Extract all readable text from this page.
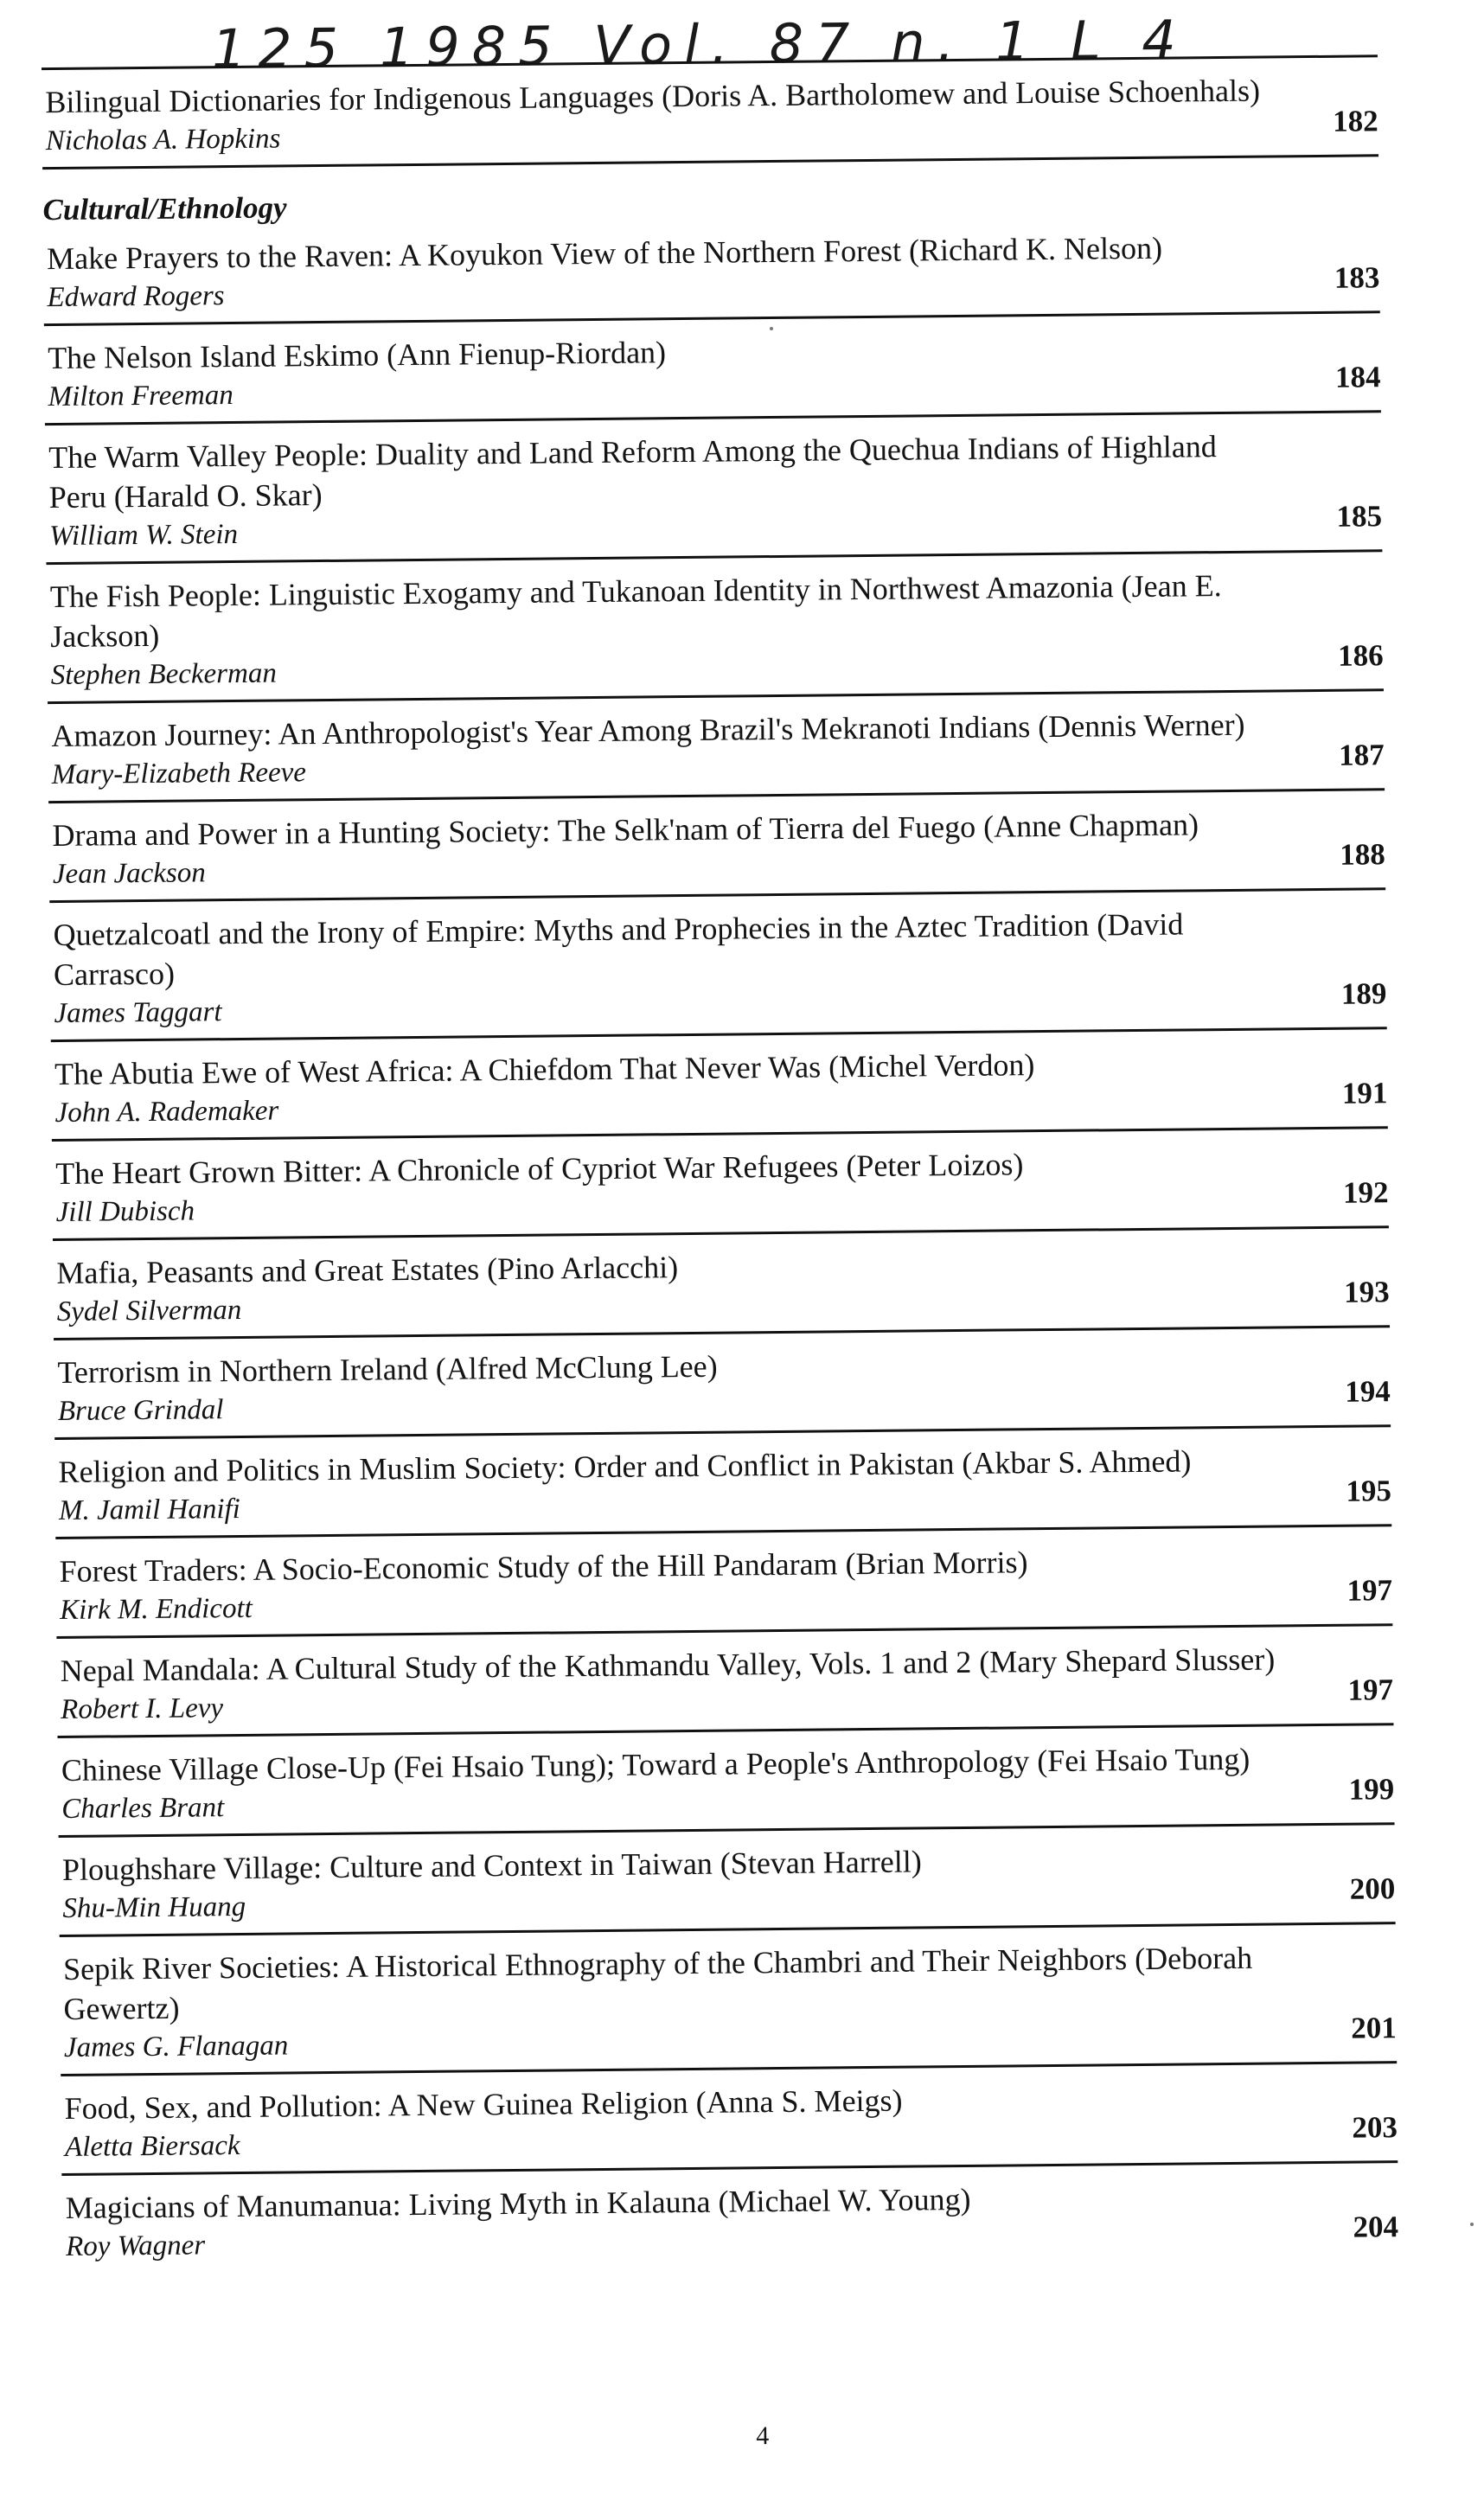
125 1985 Vol. 87 n. 1 L 4
Bilingual Dictionaries for Indigenous Languages (Doris A. Bartholomew and Louise Schoenhals)
Nicholas A. Hopkins
182
Cultural/Ethnology
Make Prayers to the Raven: A Koyukon View of the Northern Forest (Richard K. Nelson)
Edward Rogers
183
The Nelson Island Eskimo (Ann Fienup-Riordan)
Milton Freeman
184
The Warm Valley People: Duality and Land Reform Among the Quechua Indians of Highland Peru (Harald O. Skar)
William W. Stein
185
The Fish People: Linguistic Exogamy and Tukanoan Identity in Northwest Amazonia (Jean E. Jackson)
Stephen Beckerman
186
Amazon Journey: An Anthropologist's Year Among Brazil's Mekranoti Indians (Dennis Werner)
Mary-Elizabeth Reeve
187
Drama and Power in a Hunting Society: The Selk'nam of Tierra del Fuego (Anne Chapman)
Jean Jackson
188
Quetzalcoatl and the Irony of Empire: Myths and Prophecies in the Aztec Tradition (David Carrasco)
James Taggart
189
The Abutia Ewe of West Africa: A Chiefdom That Never Was (Michel Verdon)
John A. Rademaker
191
The Heart Grown Bitter: A Chronicle of Cypriot War Refugees (Peter Loizos)
Jill Dubisch
192
Mafia, Peasants and Great Estates (Pino Arlacchi)
Sydel Silverman
193
Terrorism in Northern Ireland (Alfred McClung Lee)
Bruce Grindal
194
Religion and Politics in Muslim Society: Order and Conflict in Pakistan (Akbar S. Ahmed)
M. Jamil Hanifi
195
Forest Traders: A Socio-Economic Study of the Hill Pandaram (Brian Morris)
Kirk M. Endicott
197
Nepal Mandala: A Cultural Study of the Kathmandu Valley, Vols. 1 and 2 (Mary Shepard Slusser)
Robert I. Levy
197
Chinese Village Close-Up (Fei Hsaio Tung); Toward a People's Anthropology (Fei Hsaio Tung)
Charles Brant
199
Ploughshare Village: Culture and Context in Taiwan (Stevan Harrell)
Shu-Min Huang
200
Sepik River Societies: A Historical Ethnography of the Chambri and Their Neighbors (Deborah Gewertz)
James G. Flanagan
201
Food, Sex, and Pollution: A New Guinea Religion (Anna S. Meigs)
Aletta Biersack
203
Magicians of Manumanua: Living Myth in Kalauna (Michael W. Young)
Roy Wagner
204
4
